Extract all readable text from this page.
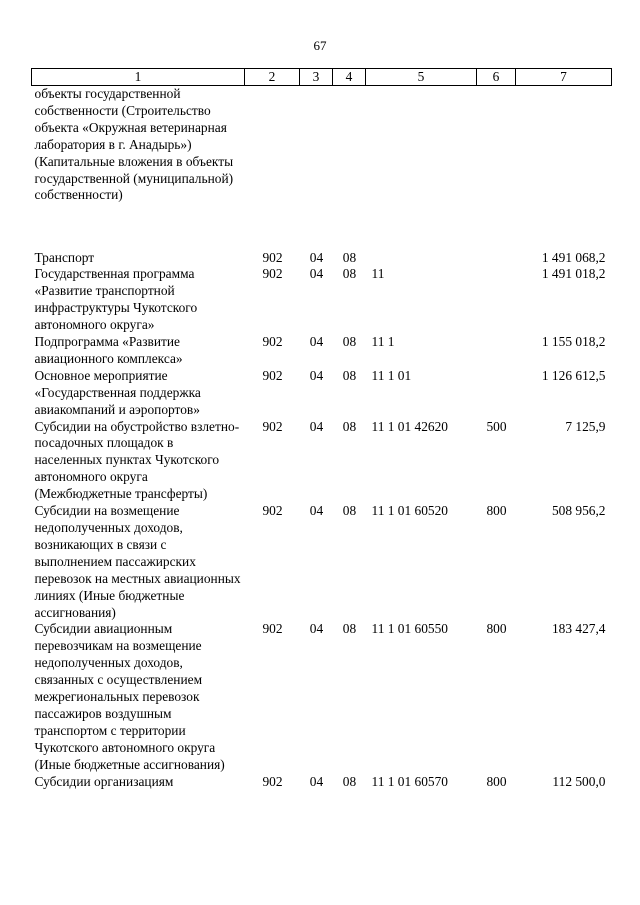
67
1	2	3	4	5	6	7
объекты государственной собственности (Строительство объекта «Окружная ветеринарная лаборатория в г. Анадырь») (Капитальные вложения в объекты государственной (муниципальной) собственности)						
Транспорт	902	04	08			1 491 068,2
Государственная программа «Развитие транспортной инфраструктуры Чукотского автономного округа»	902	04	08	11		1 491 018,2
Подпрограмма «Развитие авиационного комплекса»	902	04	08	11 1		1 155 018,2
Основное мероприятие «Государственная поддержка авиакомпаний и аэропортов»	902	04	08	11 1 01		1 126 612,5
Субсидии на обустройство взлетно-посадочных площадок в населенных пунктах Чукотского автономного округа (Межбюджетные трансферты)	902	04	08	11 1 01 42620	500	7 125,9
Субсидии на возмещение недополученных доходов, возникающих в связи с выполнением пассажирских перевозок на местных авиационных линиях (Иные бюджетные ассигнования)	902	04	08	11 1 01 60520	800	508 956,2
Субсидии авиационным перевозчикам на возмещение недополученных доходов, связанных с осуществлением межрегиональных перевозок пассажиров воздушным транспортом с территории Чукотского автономного округа (Иные бюджетные ассигнования)	902	04	08	11 1 01 60550	800	183 427,4
Субсидии организациям	902	04	08	11 1 01 60570	800	112 500,0
